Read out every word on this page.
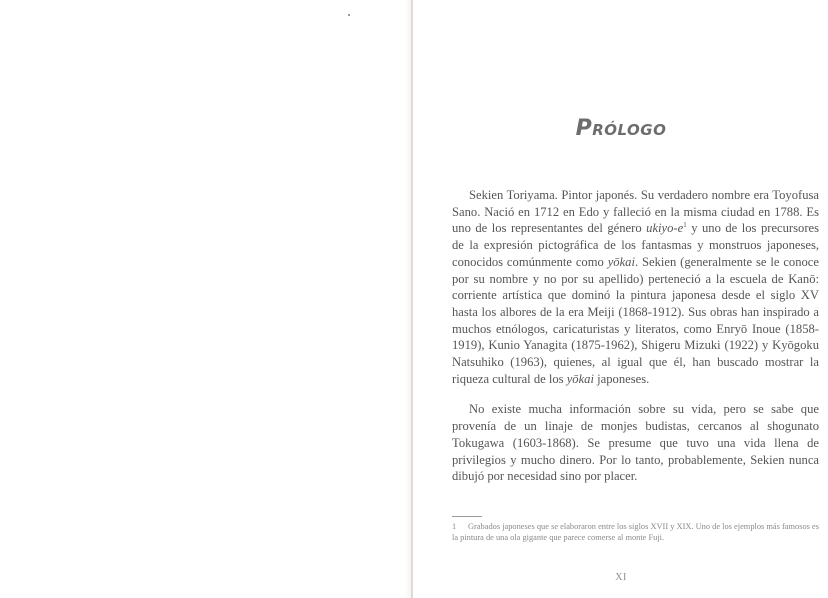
Prólogo

Sekien Toriyama. Pintor japonés. Su verdadero nombre era Toyofusa Sano. Nació en 1712 en Edo y falleció en la misma ciudad en 1788. Es uno de los representantes del género ukiyo-$e^1$ y uno de los precursores de la expresión pictográfica de los fantasmas y monstruos japoneses, conocidos comúnmente como yōkai. Sekien (generalmente se le conoce por su nombre y no por su apellido) perteneció a la escuela de Kanō: corriente artística que dominó la pintura japonesa desde el siglo XV hasta los albores de la era Meiji (1868-1912). Sus obras han inspirado a muchos etnólogos, caricaturistas y literatos, como Enryō Inoue (1858-1919), Kunio Yanagita (1875-1962), Shigeru Mizuki (1922) y Kyōgoku Natsuhiko (1963), quienes, al igual que él, han buscado mostrar la riqueza cultural de los yōkai japoneses.

No existe mucha información sobre su vida, pero se sabe que provenía de un linaje de monjes budistas, cercanos al shogunato Tokugawa (1603-1868). Se presume que tuvo una vida llena de privilegios y mucho dinero. Por lo tanto, probablemente, Sekien nunca dibujó por necesidad sino por placer.

1 Grabados japoneses que se elaboraron entre los siglos XVII y XIX. Uno de los ejemplos más famosos es la pintura de una ola gigante que parece comerse al monte Fuji.
XI
